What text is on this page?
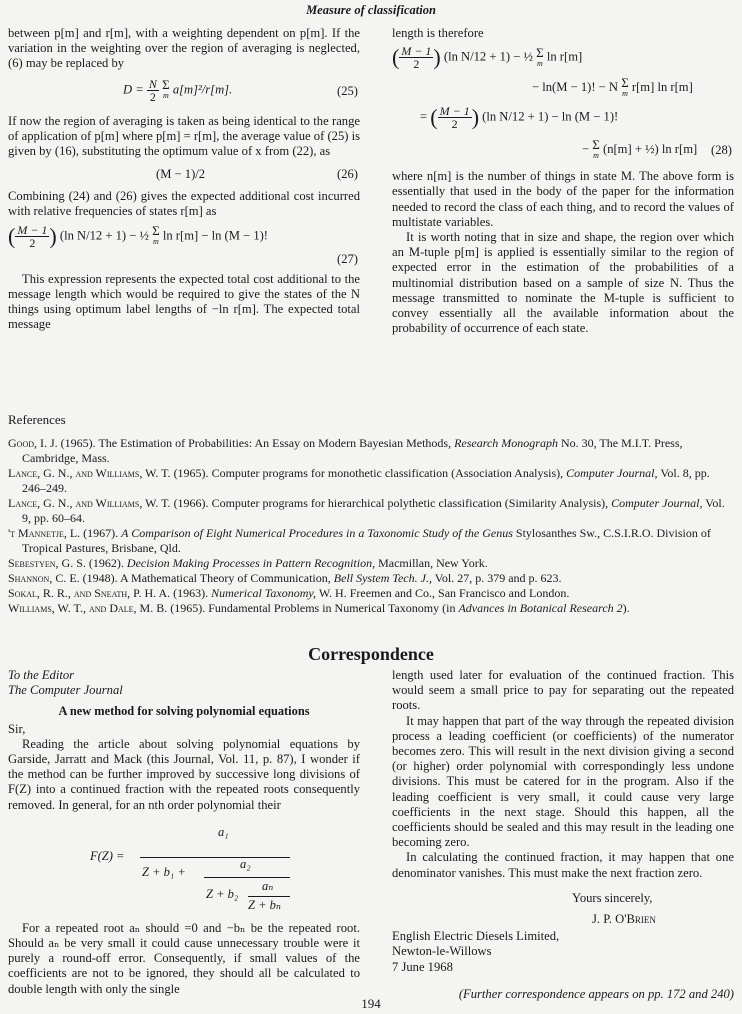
Measure of classification

between p[m] and r[m], with a weighting dependent on p[m]. If the variation in the weighting over the region of averaging is neglected, (6) may be replaced by

$D = \frac{N}{2}$
Σ
m a[m]²/r[m].	(25)

If now the region of averaging is taken as being identical to the range of application of p[m] where p[m] = r[m], the average value of (25) is given by (16), substituting the optimum value of x from (22), as

(M − 1)/2	(26)

Combining (24) and (26) gives the expected additional cost incurred with relative frequencies of states r[m] as

( $\frac{M - 1}{2}$ ) (ln N/12 + 1) − ½ Σ
m ln r[m] − ln (M − 1)!
(27)

This expression represents the expected total cost additional to the message length which would be required to give the states of the N things using optimum label lengths of −ln r[m]. The expected total message

length is therefore

( $\frac{M - 1}{2}$ ) (ln N/12 + 1) − ½ Σ
m ln r[m]
− ln(M − 1)! − N Σ
m r[m] ln r[m]
= ( $\frac{M - 1}{2}$ ) (ln N/12 + 1) − ln (M − 1)!
− Σ
m (n[m] + ½) ln r[m] (28)

where n[m] is the number of things in state M. The above form is essentially that used in the body of the paper for the information needed to record the class of each thing, and to record the values of multistate variables.

It is worth noting that in size and shape, the region over which an M-tuple p[m] is applied is essentially similar to the region of expected error in the estimation of the probabilities of a multinomial distribution based on a sample of size N. Thus the message transmitted to nominate the M-tuple is sufficient to convey essentially all the available information about the probability of occurrence of each state.

References

Good, I. J. (1965). The Estimation of Probabilities: An Essay on Modern Bayesian Methods, Research Monograph No. 30, The M.I.T. Press, Cambridge, Mass.

Lance, G. N., and Williams, W. T. (1965). Computer programs for monothetic classification (Association Analysis), Computer Journal, Vol. 8, pp. 246–249.

Lance, G. N., and Williams, W. T. (1966). Computer programs for hierarchical polythetic classification (Similarity Analysis), Computer Journal, Vol. 9, pp. 60–64.

't Mannetje, L. (1967). A Comparison of Eight Numerical Procedures in a Taxonomic Study of the Genus Stylosanthes Sw., C.S.I.R.O. Division of Tropical Pastures, Brisbane, Qld.

Sebestyen, G. S. (1962). Decision Making Processes in Pattern Recognition, Macmillan, New York.

Shannon, C. E. (1948). A Mathematical Theory of Communication, Bell System Tech. J., Vol. 27, p. 379 and p. 623.

Sokal, R. R., and Sneath, P. H. A. (1963). Numerical Taxonomy, W. H. Freemen and Co., San Francisco and London.

Williams, W. T., and Dale, M. B. (1965). Fundamental Problems in Numerical Taxonomy (in Advances in Botanical Research 2).

Correspondence

To the Editor

The Computer Journal

A new method for solving polynomial equations

Sir,

Reading the article about solving polynomial equations by Garside, Jarratt and Mack (this Journal, Vol. 11, p. 87), I wonder if the method can be further improved by successive long divisions of F(Z) into a continued fraction with the repeated roots consequently removed. In general, for an nth order polynomial their

F(Z) =
a₁
Z + b₁ +
a₂
Z + b₂
aₙ
Z + bₙ

For a repeated root aₙ should =0 and −bₙ be the repeated root. Should aₙ be very small it could cause unnecessary trouble were it purely a round-off error. Consequently, if small values of the coefficients are not to be ignored, they should all be calculated to double length with only the single

length used later for evaluation of the continued fraction. This would seem a small price to pay for separating out the repeated roots.

It may happen that part of the way through the repeated division process a leading coefficient (or coefficients) of the numerator becomes zero. This will result in the next division giving a second (or higher) order polynomial with correspondingly less undone divisions. This must be catered for in the program. Also if the leading coefficient is very small, it could cause very large coefficients in the next stage. Should this happen, all the coefficients should be sealed and this may result in the leading one becoming zero.

In calculating the continued fraction, it may happen that one denominator vanishes. This must make the next fraction zero.

Yours sincerely,

J. P. O'Brien

English Electric Diesels Limited,

Newton-le-Willows

7 June 1968

(Further correspondence appears on pp. 172 and 240)

194
